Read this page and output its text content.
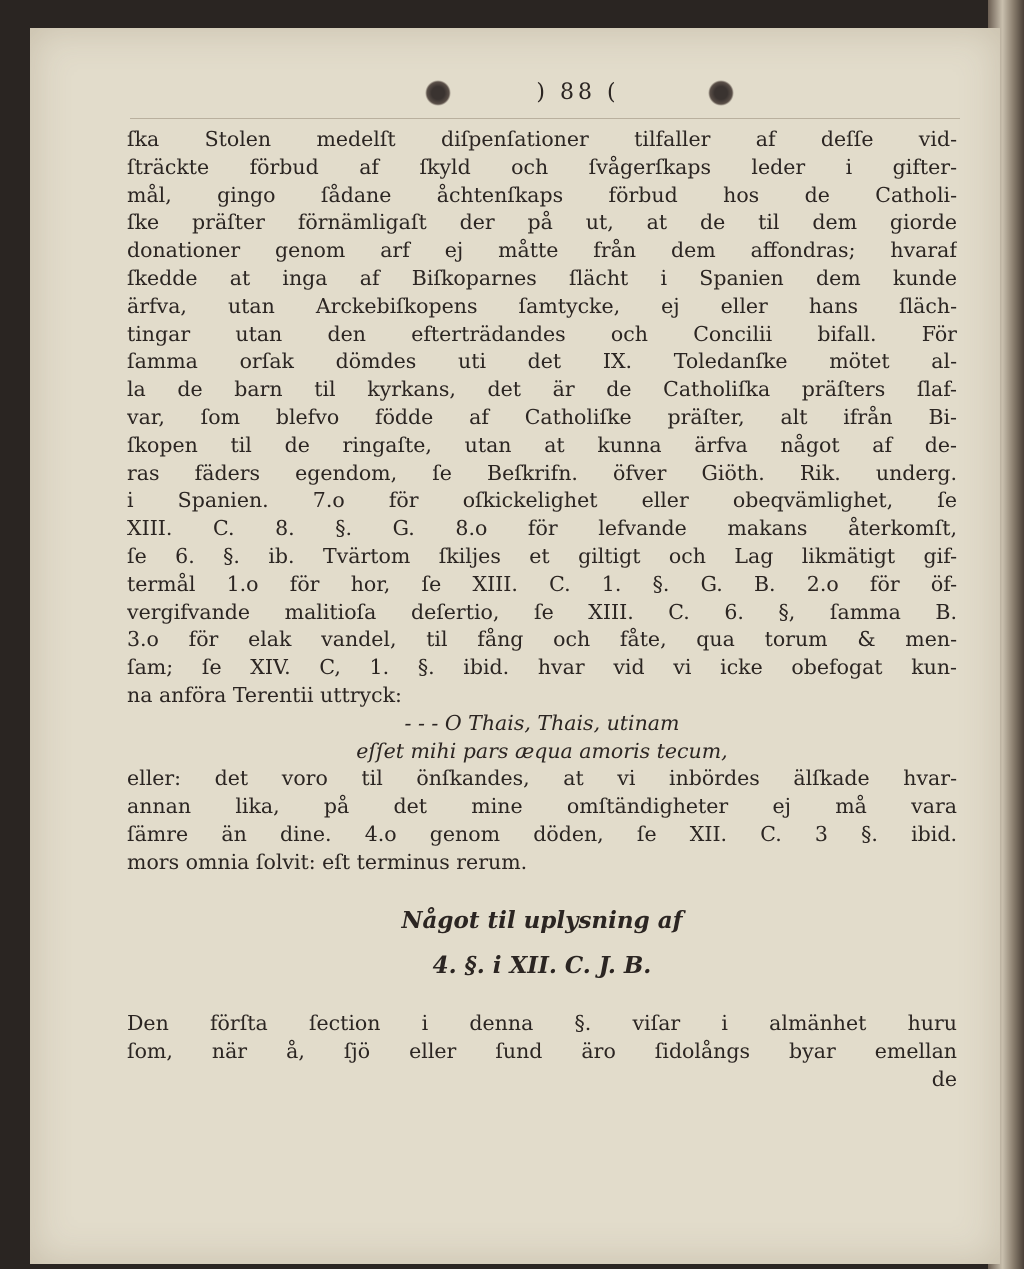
) 88 (
ſka Stolen medelſt diſpenſationer tilfaller af deſſe vid-
ſträckte förbud af ſkyld och ſvågerſkaps leder i gifter-
mål, gingo ſådane åchtenſkaps förbud hos de Catholi-
ſke präſter förnämligaſt der på ut, at de til dem giorde
donationer genom arf ej måtte från dem affondras; hvaraf
ſkedde at inga af Biſkoparnes ſlächt i Spanien dem kunde
ärfva, utan Arckebiſkopens ſamtycke, ej eller hans ſläch-
tingar utan den efterträdandes och Concilii bifall. För
ſamma orſak dömdes uti det IX. Toledanſke mötet al-
la de barn til kyrkans, det är de Catholiſka präſters ſlaf-
var, ſom blefvo födde af Catholiſke präſter, alt ifrån Bi-
ſkopen til de ringaſte, utan at kunna ärfva något af de-
ras fäders egendom, ſe Beſkrifn. öfver Giöth. Rik. underg.
i Spanien. 7.o för oſkickelighet eller obeqvämlighet, ſe
XIII. C. 8. §. G. 8.o för lefvande makans återkomſt,
ſe 6. §. ib. Tvärtom ſkiljes et giltigt och Lag likmätigt gif-
termål 1.o för hor, ſe XIII. C. 1. §. G. B. 2.o för öf-
vergifvande malitioſa deſertio, ſe XIII. C. 6. §, ſamma B.
3.o för elak vandel, til fång och fåte, qua torum & men-
ſam; ſe XIV. C, 1. §. ibid. hvar vid vi icke obefogat kun-
na anföra Terentii uttryck:
- - - O Thais, Thais, utinam
eſſet mihi pars æqua amoris tecum,
eller: det voro til önſkandes, at vi inbördes älſkade hvar-
annan lika, på det mine omſtändigheter ej må vara
ſämre än dine. 4.o genom döden, ſe XII. C. 3 §. ibid.
mors omnia ſolvit: eſt terminus rerum.
Något til uplysning af
4. §. i XII. C. J. B.
Den förſta ſection i denna §. viſar i almänhet huru
ſom, när å, ſjö eller ſund äro ſidolångs byar emellan
de
